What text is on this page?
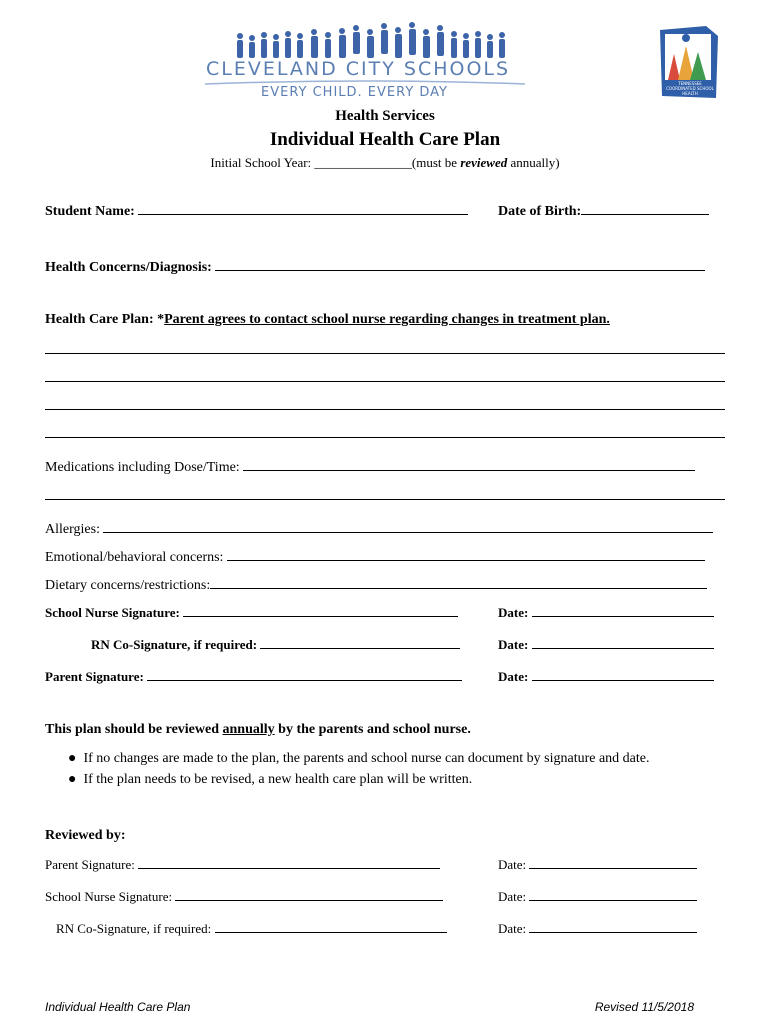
CLEVELAND CITY SCHOOLS
EVERY CHILD. EVERY DAY
TENNESSEE COORDINATED SCHOOL HEALTH
Health Services
Individual Health Care Plan
Initial School Year: _______________(must be reviewed annually)
Student Name:	Date of Birth:
Health Concerns/Diagnosis:
Health Care Plan: *Parent agrees to contact school nurse regarding changes in treatment plan.
Medications including Dose/Time:
Allergies:
Emotional/behavioral concerns:
Dietary concerns/restrictions:
School Nurse Signature:	Date:
RN Co-Signature, if required:	Date:
Parent Signature:	Date:
This plan should be reviewed annually by the parents and school nurse.
● If no changes are made to the plan, the parents and school nurse can document by signature and date.
● If the plan needs to be revised, a new health care plan will be written.
Reviewed by:
Parent Signature:	Date:
School Nurse Signature:	Date:
RN Co-Signature, if required:	Date:
Individual Health Care Plan	Revised 11/5/2018
